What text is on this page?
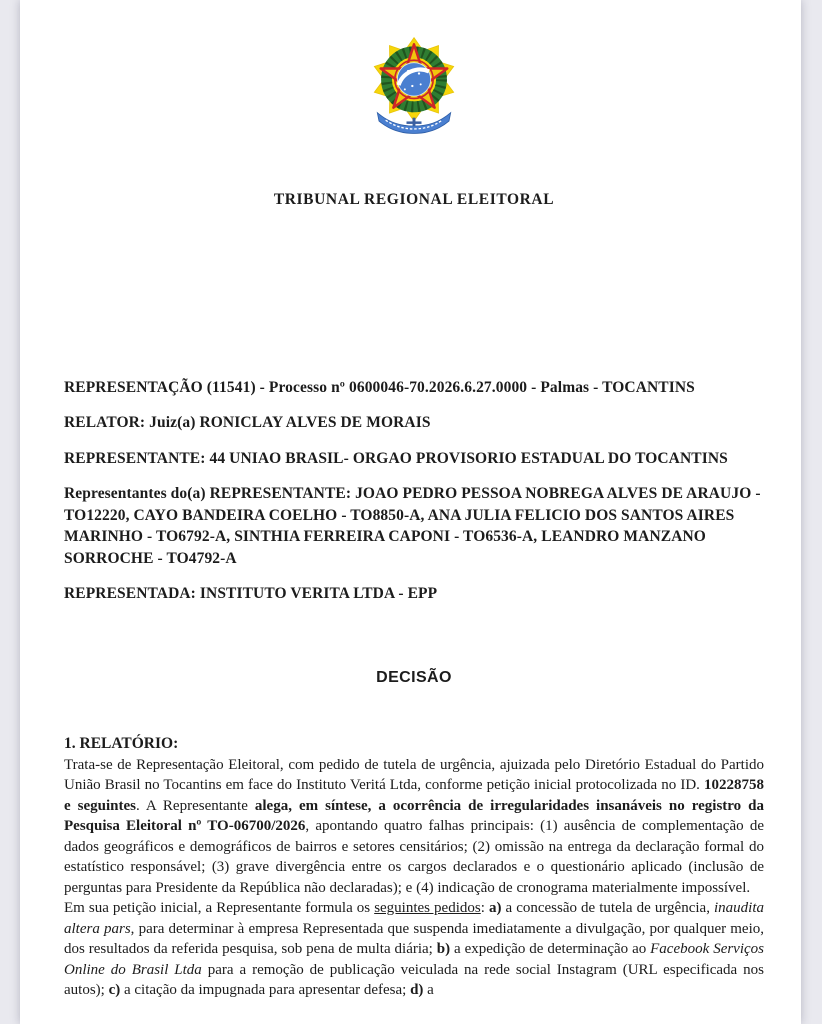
TRIBUNAL REGIONAL ELEITORAL

REPRESENTAÇÃO (11541) - Processo nº 0600046-70.2026.6.27.0000 - Palmas - TOCANTINS

RELATOR: Juiz(a) RONICLAY ALVES DE MORAIS

REPRESENTANTE: 44 UNIAO BRASIL- ORGAO PROVISORIO ESTADUAL DO TOCANTINS

Representantes do(a) REPRESENTANTE: JOAO PEDRO PESSOA NOBREGA ALVES DE ARAUJO - TO12220, CAYO BANDEIRA COELHO - TO8850-A, ANA JULIA FELICIO DOS SANTOS AIRES MARINHO - TO6792-A, SINTHIA FERREIRA CAPONI - TO6536-A, LEANDRO MANZANO SORROCHE - TO4792-A

REPRESENTADA: INSTITUTO VERITA LTDA - EPP

DECISÃO
1. RELATÓRIO:

Trata-se de Representação Eleitoral, com pedido de tutela de urgência, ajuizada pelo Diretório Estadual do Partido União Brasil no Tocantins em face do Instituto Veritá Ltda, conforme petição inicial protocolizada no ID. 10228758 e seguintes. A Representante alega, em síntese, a ocorrência de irregularidades insanáveis no registro da Pesquisa Eleitoral nº TO-06700/2026, apontando quatro falhas principais: (1) ausência de complementação de dados geográficos e demográficos de bairros e setores censitários; (2) omissão na entrega da declaração formal do estatístico responsável; (3) grave divergência entre os cargos declarados e o questionário aplicado (inclusão de perguntas para Presidente da República não declaradas); e (4) indicação de cronograma materialmente impossível.

Em sua petição inicial, a Representante formula os seguintes pedidos: a) a concessão de tutela de urgência, inaudita altera pars, para determinar à empresa Representada que suspenda imediatamente a divulgação, por qualquer meio, dos resultados da referida pesquisa, sob pena de multa diária; b) a expedição de determinação ao Facebook Serviços Online do Brasil Ltda para a remoção de publicação veiculada na rede social Instagram (URL especificada nos autos); c) a citação da impugnada para apresentar defesa; d) a
